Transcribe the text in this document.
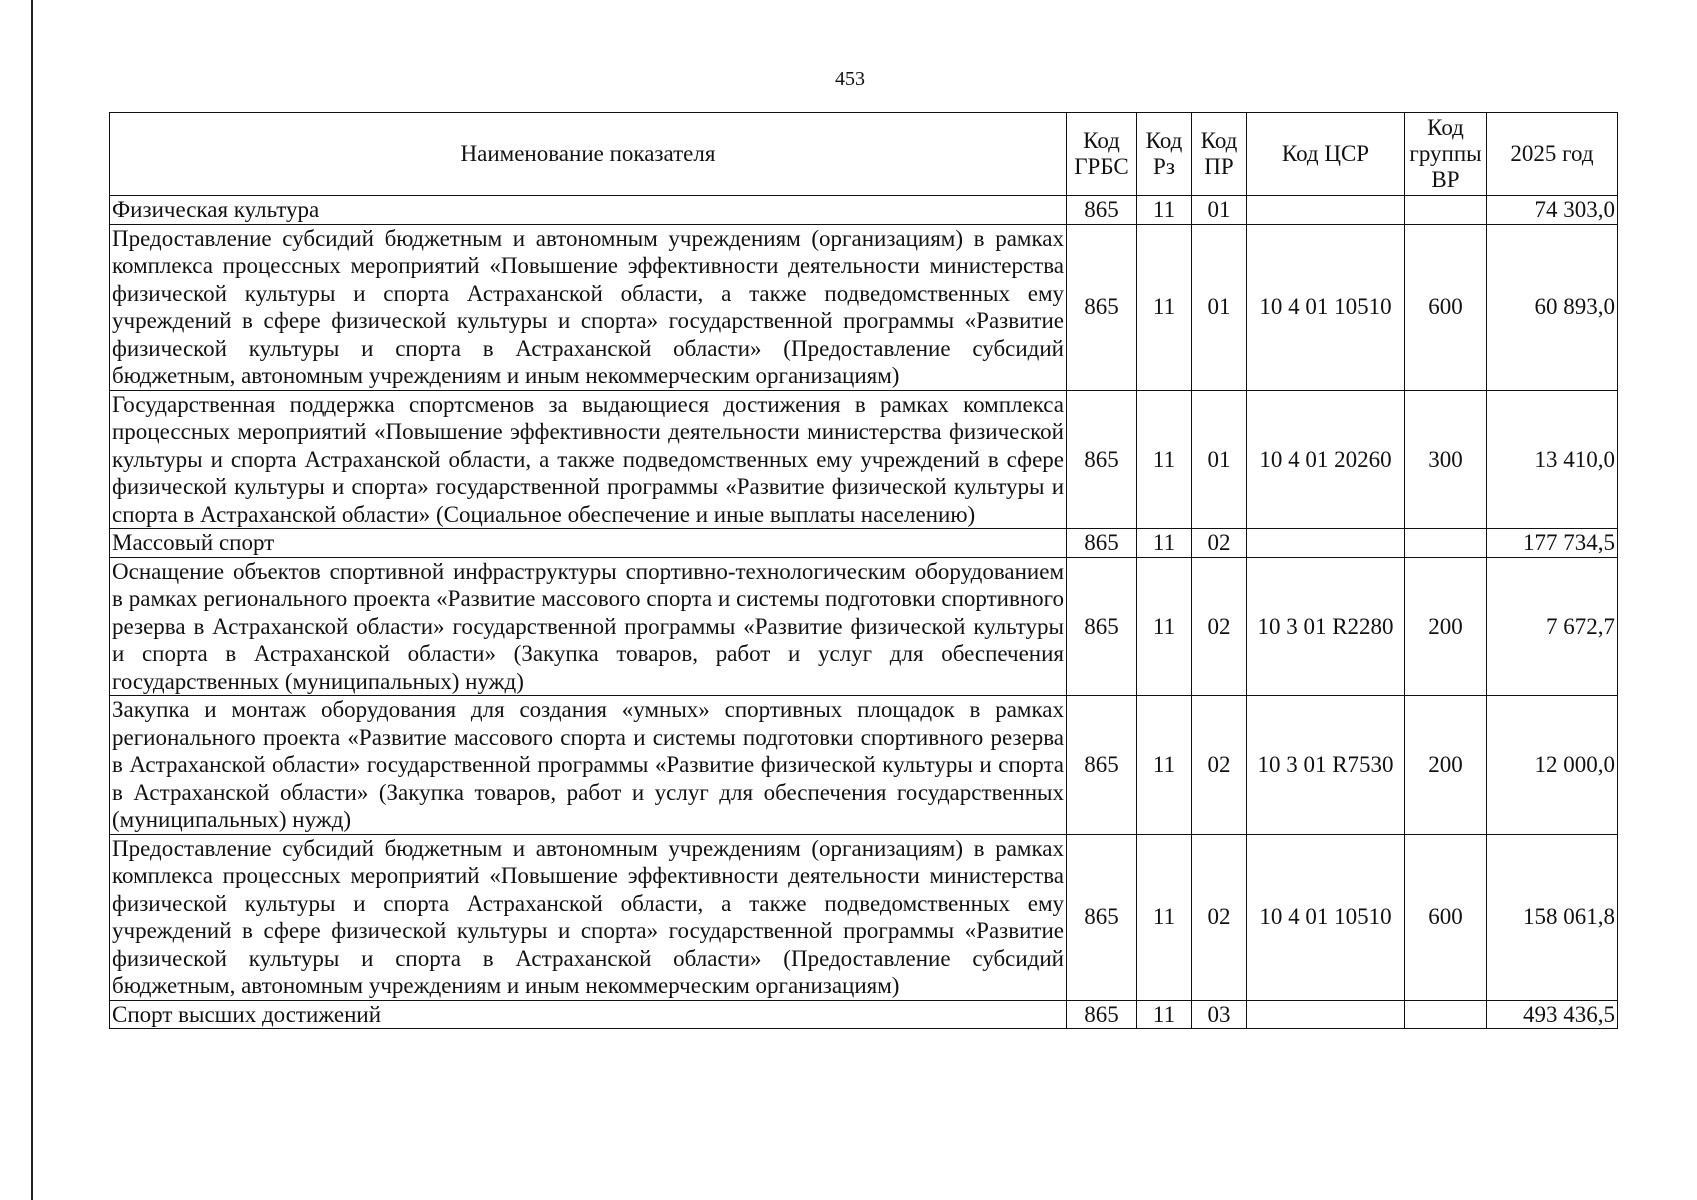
453
Наименование показателя	Код ГРБС	Код Рз	Код ПР	Код ЦСР	Код группы ВР	2025 год
Физическая культура	865	11	01			74 303,0
Предоставление субсидий бюджетным и автономным учреждениям (организациям) в рамках комплекса процессных мероприятий «Повышение эффективности деятельности министерства физической культуры и спорта Астраханской области, а также подведомственных ему учреждений в сфере физической культуры и спорта» государственной программы «Развитие физической культуры и спорта в Астраханской области» (Предоставление субсидий бюджетным, автономным учреждениям и иным некоммерческим организациям)	865	11	01	10 4 01 10510	600	60 893,0
Государственная поддержка спортсменов за выдающиеся достижения в рамках комплекса процессных мероприятий «Повышение эффективности деятельности министерства физической культуры и спорта Астраханской области, а также подведомственных ему учреждений в сфере физической культуры и спорта» государственной программы «Развитие физической культуры и спорта в Астраханской области» (Социальное обеспечение и иные выплаты населению)	865	11	01	10 4 01 20260	300	13 410,0
Массовый спорт	865	11	02			177 734,5
Оснащение объектов спортивной инфраструктуры спортивно-технологическим оборудованием в рамках регионального проекта «Развитие массового спорта и системы подготовки спортивного резерва в Астраханской области» государственной программы «Развитие физической культуры и спорта в Астраханской области» (Закупка товаров, работ и услуг для обеспечения государственных (муниципальных) нужд)	865	11	02	10 3 01 R2280	200	7 672,7
Закупка и монтаж оборудования для создания «умных» спортивных площадок в рамках регионального проекта «Развитие массового спорта и системы подготовки спортивного резерва в Астраханской области» государственной программы «Развитие физической культуры и спорта в Астраханской области» (Закупка товаров, работ и услуг для обеспечения государственных (муниципальных) нужд)	865	11	02	10 3 01 R7530	200	12 000,0
Предоставление субсидий бюджетным и автономным учреждениям (организациям) в рамках комплекса процессных мероприятий «Повышение эффективности деятельности министерства физической культуры и спорта Астраханской области, а также подведомственных ему учреждений в сфере физической культуры и спорта» государственной программы «Развитие физической культуры и спорта в Астраханской области» (Предоставление субсидий бюджетным, автономным учреждениям и иным некоммерческим организациям)	865	11	02	10 4 01 10510	600	158 061,8
Спорт высших достижений	865	11	03			493 436,5
